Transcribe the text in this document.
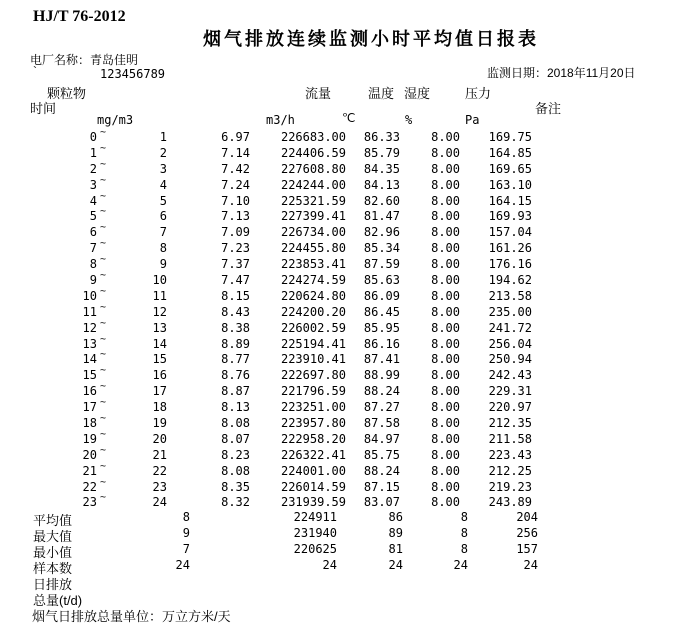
HJ/T 76-2012
烟气排放连续监测小时平均值日报表
电厂名称：青岛佳明
`	123456789	监测日期：2018年11月20日
颗粒物	流量	温度 湿度	压力
时间	备注
mg/m3	m3/h	℃	%	Pa
0 ~	1	6.97	226683.00	86.33	8.00	169.75
1 ~	2	7.14	224406.59	85.79	8.00	164.85
2 ~	3	7.42	227608.80	84.35	8.00	169.65
3 ~	4	7.24	224244.00	84.13	8.00	163.10
4 ~	5	7.10	225321.59	82.60	8.00	164.15
5 ~	6	7.13	227399.41	81.47	8.00	169.93
6 ~	7	7.09	226734.00	82.96	8.00	157.04
7 ~	8	7.23	224455.80	85.34	8.00	161.26
8 ~	9	7.37	223853.41	87.59	8.00	176.16
9 ~	10	7.47	224274.59	85.63	8.00	194.62
10 ~	11	8.15	220624.80	86.09	8.00	213.58
11 ~	12	8.43	224200.20	86.45	8.00	235.00
12 ~	13	8.38	226002.59	85.95	8.00	241.72
13 ~	14	8.89	225194.41	86.16	8.00	256.04
14 ~	15	8.77	223910.41	87.41	8.00	250.94
15 ~	16	8.76	222697.80	88.99	8.00	242.43
16 ~	17	8.87	221796.59	88.24	8.00	229.31
17 ~	18	8.13	223251.00	87.27	8.00	220.97
18 ~	19	8.08	223957.80	87.58	8.00	212.35
19 ~	20	8.07	222958.20	84.97	8.00	211.58
20 ~	21	8.23	226322.41	85.75	8.00	223.43
21 ~	22	8.08	224001.00	88.24	8.00	212.25
22 ~	23	8.35	226014.59	87.15	8.00	219.23
23 ~	24	8.32	231939.59	83.07	8.00	243.89
平均值	8	224911	86	8	204
最大值	9	231940	89	8	256
最小值	7	220625	81	8	157
样本数	24	24	24	24	24
日排放
总量(t/d)
烟气日排放总量单位：万立方米/天
